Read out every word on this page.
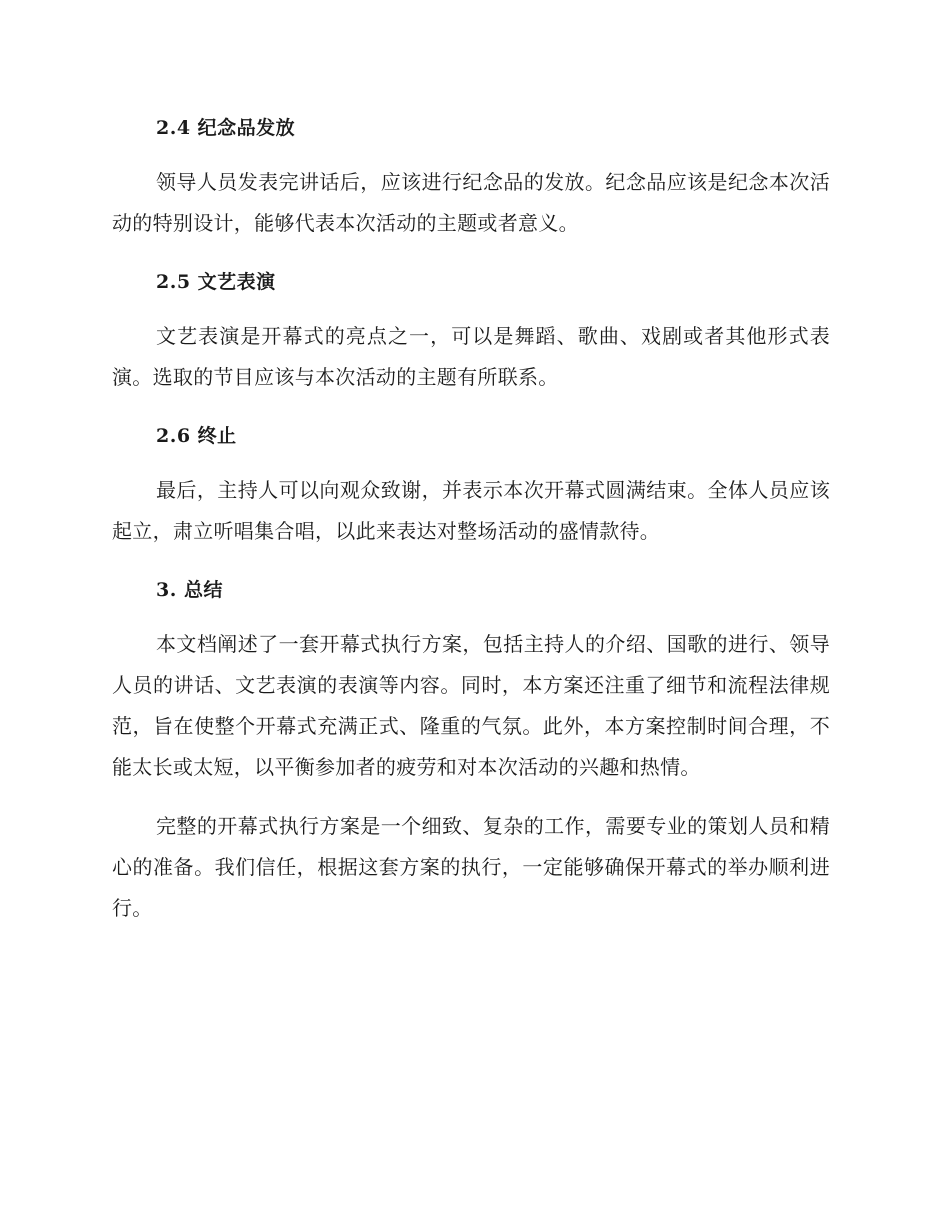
2.4 纪念品发放

领导人员发表完讲话后，应该进行纪念品的发放。纪念品应该是纪念本次活动的特别设计，能够代表本次活动的主题或者意义。

2.5 文艺表演

文艺表演是开幕式的亮点之一，可以是舞蹈、歌曲、戏剧或者其他形式表演。选取的节目应该与本次活动的主题有所联系。

2.6 终止

最后，主持人可以向观众致谢，并表示本次开幕式圆满结束。全体人员应该起立，肃立听唱集合唱，以此来表达对整场活动的盛情款待。

3. 总结

本文档阐述了一套开幕式执行方案，包括主持人的介绍、国歌的进行、领导人员的讲话、文艺表演的表演等内容。同时，本方案还注重了细节和流程法律规范，旨在使整个开幕式充满正式、隆重的气氛。此外，本方案控制时间合理，不能太长或太短，以平衡参加者的疲劳和对本次活动的兴趣和热情。

完整的开幕式执行方案是一个细致、复杂的工作，需要专业的策划人员和精心的准备。我们信任，根据这套方案的执行，一定能够确保开幕式的举办顺利进行。
